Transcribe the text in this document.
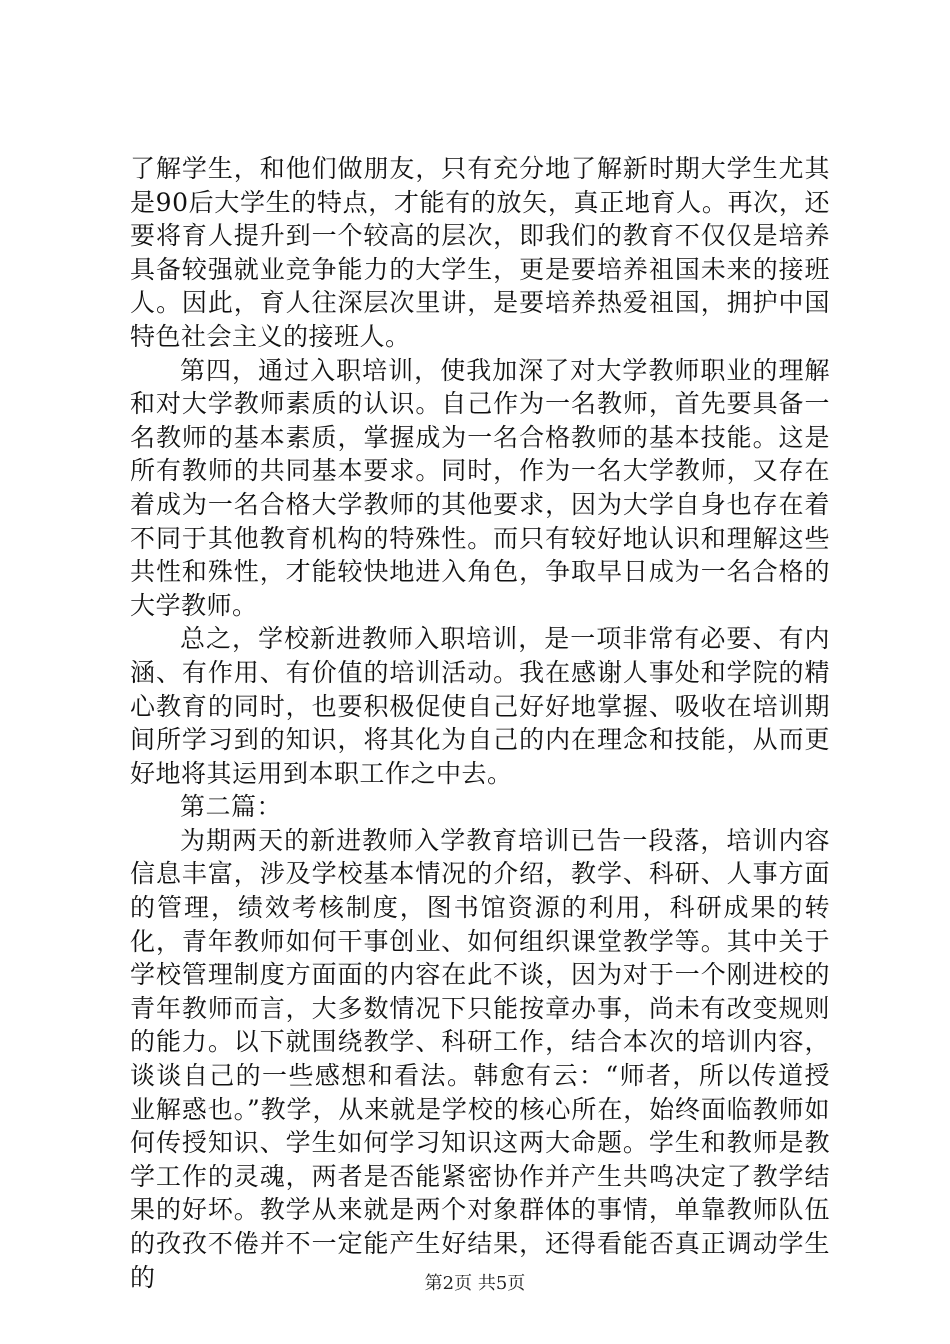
了解学生，和他们做朋友，只有充分地了解新时期大学生尤其是90后大学生的特点，才能有的放矢，真正地育人。再次，还要将育人提升到一个较高的层次，即我们的教育不仅仅是培养具备较强就业竞争能力的大学生，更是要培养祖国未来的接班人。因此，育人往深层次里讲，是要培养热爱祖国，拥护中国特色社会主义的接班人。

第四，通过入职培训，使我加深了对大学教师职业的理解和对大学教师素质的认识。自己作为一名教师，首先要具备一名教师的基本素质，掌握成为一名合格教师的基本技能。这是所有教师的共同基本要求。同时，作为一名大学教师，又存在着成为一名合格大学教师的其他要求，因为大学自身也存在着不同于其他教育机构的特殊性。而只有较好地认识和理解这些共性和殊性，才能较快地进入角色，争取早日成为一名合格的大学教师。

总之，学校新进教师入职培训，是一项非常有必要、有内涵、有作用、有价值的培训活动。我在感谢人事处和学院的精心教育的同时，也要积极促使自己好好地掌握、吸收在培训期间所学习到的知识，将其化为自己的内在理念和技能，从而更好地将其运用到本职工作之中去。

第二篇：

为期两天的新进教师入学教育培训已告一段落，培训内容信息丰富，涉及学校基本情况的介绍，教学、科研、人事方面的管理，绩效考核制度，图书馆资源的利用，科研成果的转化，青年教师如何干事创业、如何组织课堂教学等。其中关于学校管理制度方面面的内容在此不谈，因为对于一个刚进校的青年教师而言，大多数情况下只能按章办事，尚未有改变规则的能力。以下就围绕教学、科研工作，结合本次的培训内容，谈谈自己的一些感想和看法。韩愈有云：“师者，所以传道授业解惑也。”教学，从来就是学校的核心所在，始终面临教师如何传授知识、学生如何学习知识这两大命题。学生和教师是教学工作的灵魂，两者是否能紧密协作并产生共鸣决定了教学结果的好坏。教学从来就是两个对象群体的事情，单靠教师队伍的孜孜不倦并不一定能产生好结果，还得看能否真正调动学生的	第2页 共5页
